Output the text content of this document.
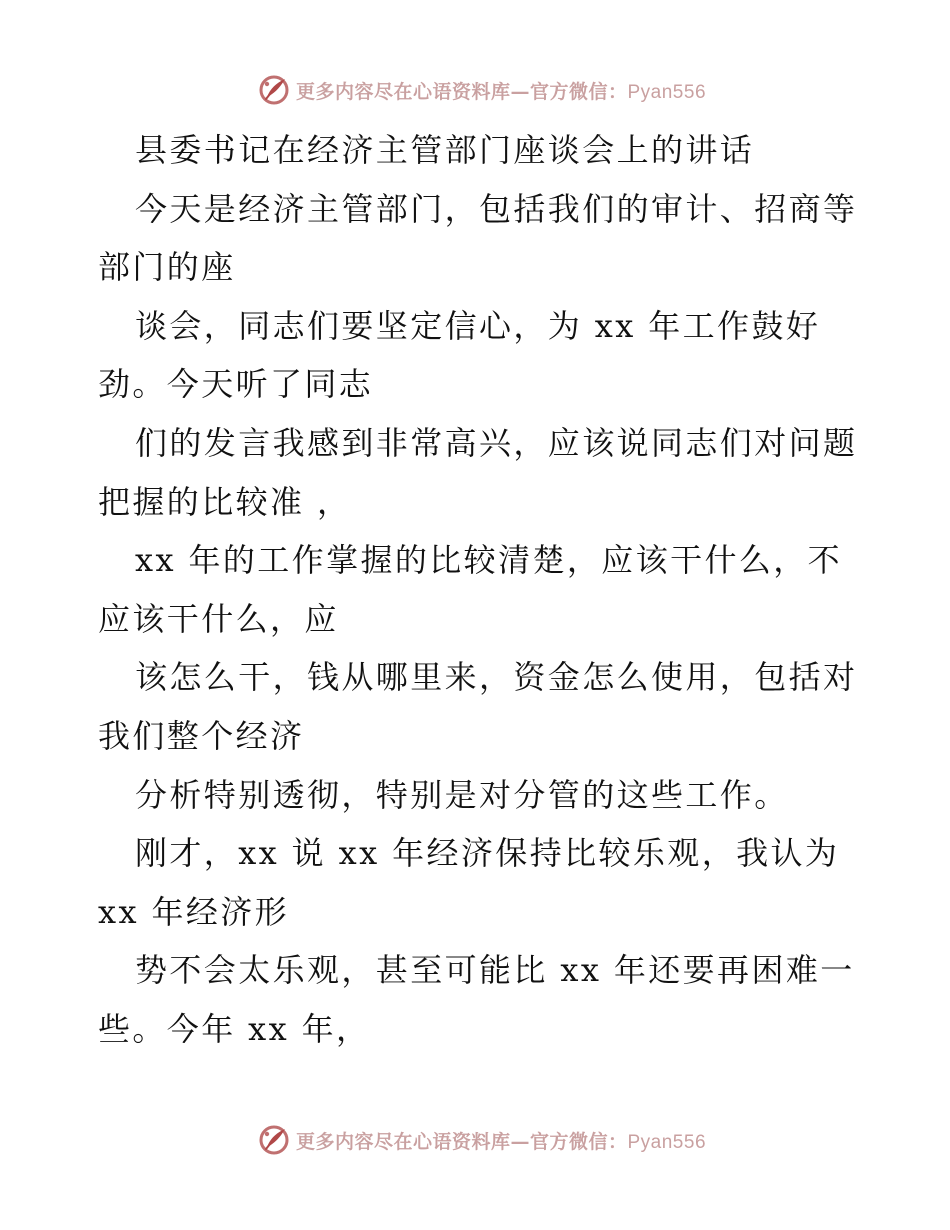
更多内容尽在心语资料库—官方微信：Pyan556
县委书记在经济主管部门座谈会上的讲话
今天是经济主管部门，包括我们的审计、招商等
部门的座
谈会，同志们要坚定信心，为 xx 年工作鼓好
劲。今天听了同志
们的发言我感到非常高兴，应该说同志们对问题
把握的比较准 ，
xx 年的工作掌握的比较清楚，应该干什么，不
应该干什么，应
该怎么干，钱从哪里来，资金怎么使用，包括对
我们整个经济
分析特别透彻，特别是对分管的这些工作。
刚才，xx 说 xx 年经济保持比较乐观，我认为
xx 年经济形
势不会太乐观，甚至可能比 xx 年还要再困难一
些。今年 xx 年，
更多内容尽在心语资料库—官方微信：Pyan556
